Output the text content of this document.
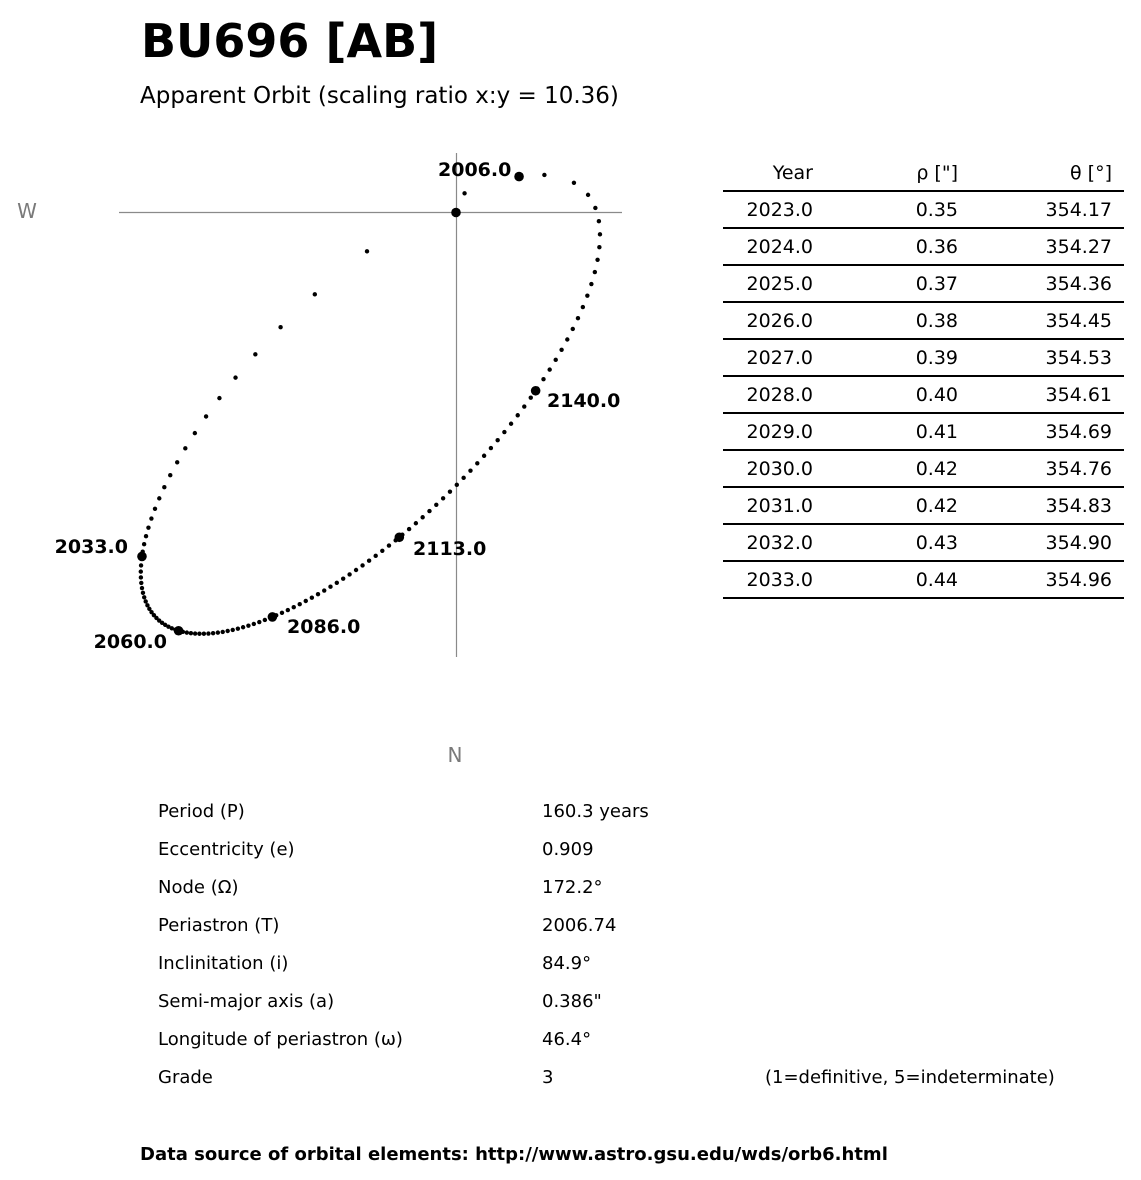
BU696 [AB]
Apparent Orbit (scaling ratio x:y = 10.36)
W
N
2006.0
2033.0
2060.0
2086.0
2113.0
2140.0
Year	ρ ["]	θ [°]
2023.0	0.35	354.17
2024.0	0.36	354.27
2025.0	0.37	354.36
2026.0	0.38	354.45
2027.0	0.39	354.53
2028.0	0.40	354.61
2029.0	0.41	354.69
2030.0	0.42	354.76
2031.0	0.42	354.83
2032.0	0.43	354.90
2033.0	0.44	354.96
Period (P)	160.3 years
Eccentricity (e)	0.909
Node (Ω)	172.2°
Periastron (T)	2006.74
Inclinitation (i)	84.9°
Semi-major axis (a)	0.386"
Longitude of periastron (ω)	46.4°
Grade	3	(1=definitive, 5=indeterminate)
Data source of orbital elements: http://www.astro.gsu.edu/wds/orb6.html
